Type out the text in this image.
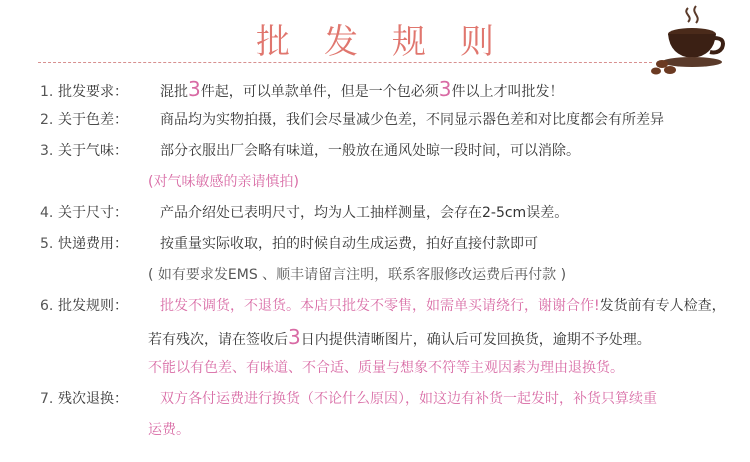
批发规则
1. 批发要求： 混批3件起，可以单款单件，但是一个包必须3件以上才叫批发！
2. 关于色差： 商品均为实物拍摄，我们会尽量减少色差，不同显示器色差和对比度都会有所差异
3. 关于气味： 部分衣服出厂会略有味道，一般放在通风处晾一段时间，可以消除。
(对气味敏感的亲请慎拍)
4. 关于尺寸： 产品介绍处已表明尺寸，均为人工抽样测量，会存在2-5cm误差。
5. 快递费用： 按重量实际收取，拍的时候自动生成运费，拍好直接付款即可
( 如有要求发EMS 、顺丰请留言注明，联系客服修改运费后再付款 )
6. 批发规则： 批发不调货，不退货。本店只批发不零售，如需单买请绕行，谢谢合作!发货前有专人检查，
若有残次，请在签收后3日内提供清晰图片，确认后可发回换货，逾期不予处理。
不能以有色差、有味道、不合适、质量与想象不符等主观因素为理由退换货。
7. 残次退换： 双方各付运费进行换货（不论什么原因），如这边有补货一起发时，补货只算续重
运费。
